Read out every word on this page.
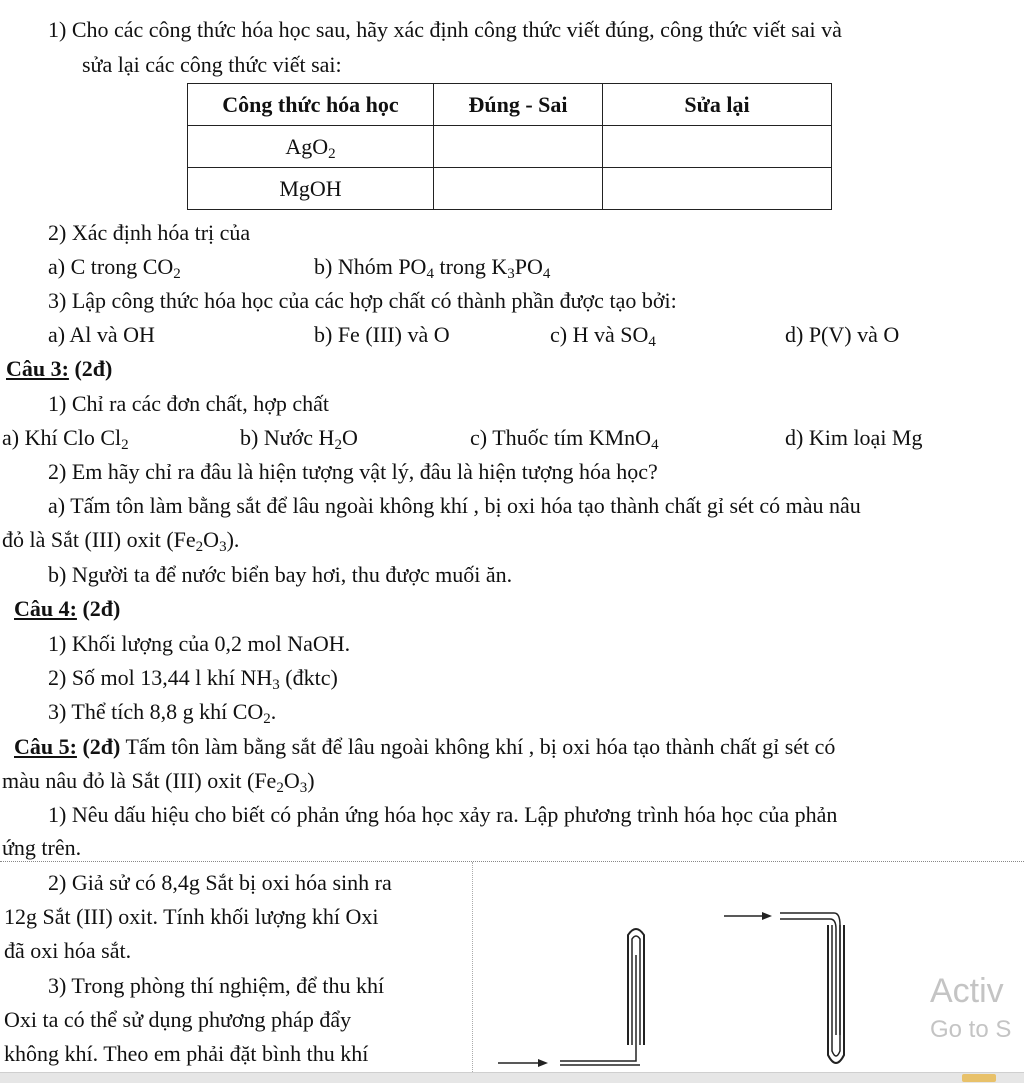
1) Cho các công thức hóa học sau, hãy xác định công thức viết đúng, công thức viết sai và
sửa lại các công thức viết sai:
Công thức hóa học	Đúng - Sai	Sửa lại
AgO$_2$		
MgOH		
2) Xác định hóa trị của
a) C trong $CO_2$	b) Nhóm $PO_4$ trong $K_3PO_4$
3) Lập công thức hóa học của các hợp chất có thành phần được tạo bởi:
a) Al và OH	b) Fe (III) và O	c) H và $SO_4$	d) P(V) và O
Câu 3: (2đ)
1) Chỉ ra các đơn chất, hợp chất
a) Khí Clo $Cl_2$	b) Nước $H_2O$	c) Thuốc tím KMnO$_4$	d) Kim loại Mg
2) Em hãy chỉ ra đâu là hiện tượng vật lý, đâu là hiện tượng hóa học?
a) Tấm tôn làm bằng sắt để lâu ngoài không khí , bị oxi hóa tạo thành chất gỉ sét có màu nâu
đỏ là Sắt (III) oxit $(Fe_2O_3)$.
b) Người ta để nước biển bay hơi, thu được muối ăn.
Câu 4: (2đ)
1) Khối lượng của 0,2 mol NaOH.
2) Số mol 13,44 l khí $NH_3$ (đktc)
3) Thể tích 8,8 g khí $CO_2$.
Câu 5: (2đ) Tấm tôn làm bằng sắt để lâu ngoài không khí , bị oxi hóa tạo thành chất gỉ sét có
màu nâu đỏ là Sắt (III) oxit $(Fe_2O_3)$
1) Nêu dấu hiệu cho biết có phản ứng hóa học xảy ra. Lập phương trình hóa học của phản
ứng trên.
2) Giả sử có 8,4g Sắt bị oxi hóa sinh ra
12g Sắt (III) oxit. Tính khối lượng khí Oxi
đã oxi hóa sắt.
3) Trong phòng thí nghiệm, để thu khí
Oxi ta có thể sử dụng phương pháp đẩy
không khí. Theo em phải đặt bình thu khí
Activ
Go to S
